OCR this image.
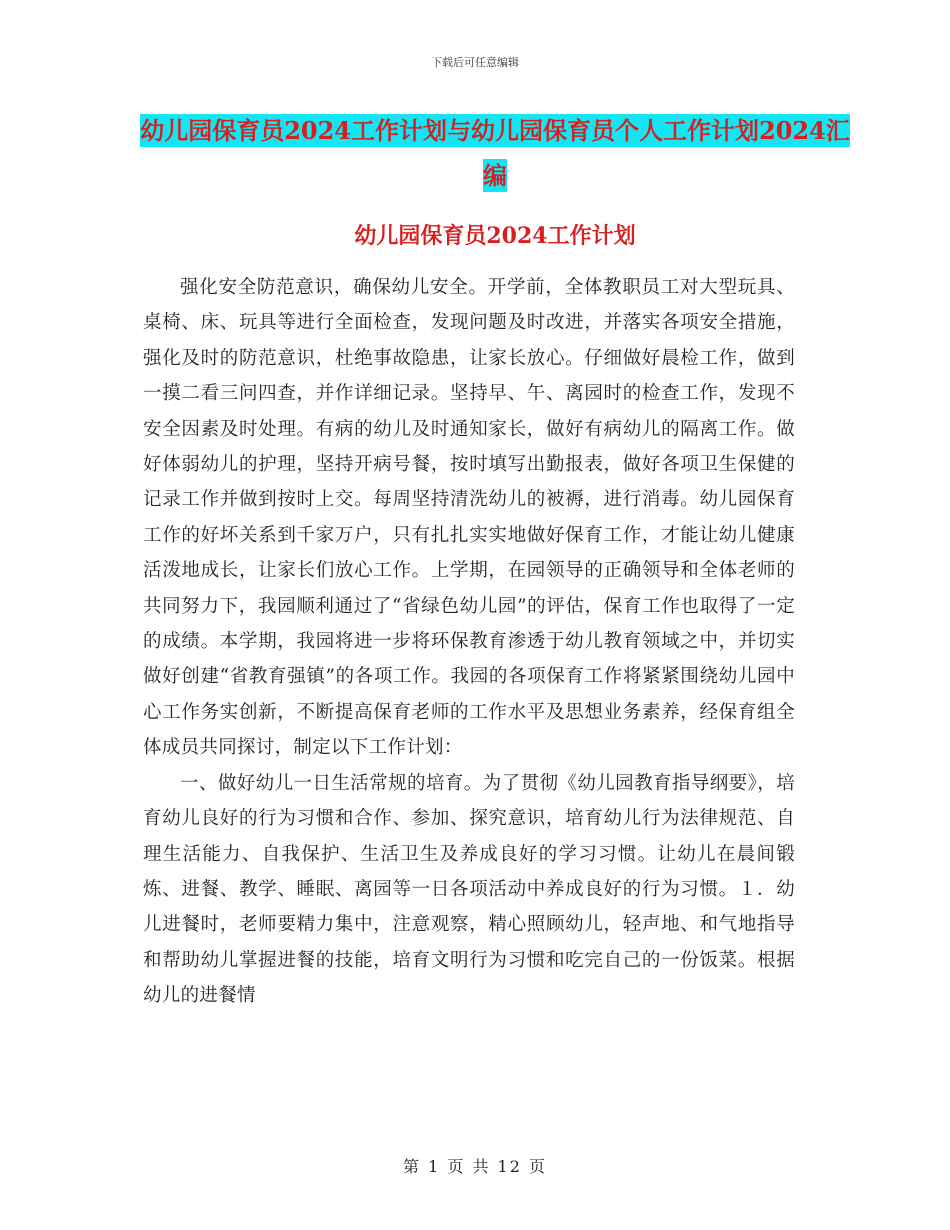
下载后可任意编辑
幼儿园保育员2024工作计划与幼儿园保育员个人工作计划2024汇编
幼儿园保育员2024工作计划

强化安全防范意识，确保幼儿安全。开学前，全体教职员工对大型玩具、桌椅、床、玩具等进行全面检查，发现问题及时改进，并落实各项安全措施，强化及时的防范意识，杜绝事故隐患，让家长放心。仔细做好晨检工作，做到一摸二看三问四查，并作详细记录。坚持早、午、离园时的检查工作，发现不安全因素及时处理。有病的幼儿及时通知家长，做好有病幼儿的隔离工作。做好体弱幼儿的护理，坚持开病号餐，按时填写出勤报表，做好各项卫生保健的记录工作并做到按时上交。每周坚持清洗幼儿的被褥，进行消毒。幼儿园保育工作的好坏关系到千家万户，只有扎扎实实地做好保育工作，才能让幼儿健康活泼地成长，让家长们放心工作。上学期，在园领导的正确领导和全体老师的共同努力下，我园顺利通过了“省绿色幼儿园”的评估，保育工作也取得了一定的成绩。本学期，我园将进一步将环保教育渗透于幼儿教育领域之中，并切实做好创建“省教育强镇”的各项工作。我园的各项保育工作将紧紧围绕幼儿园中心工作务实创新，不断提高保育老师的工作水平及思想业务素养，经保育组全体成员共同探讨，制定以下工作计划：

一、做好幼儿一日生活常规的培育。为了贯彻《幼儿园教育指导纲要》，培育幼儿良好的行为习惯和合作、参加、探究意识，培育幼儿行为法律规范、自理生活能力、自我保护、生活卫生及养成良好的学习习惯。让幼儿在晨间锻炼、进餐、教学、睡眠、离园等一日各项活动中养成良好的行为习惯。１．幼儿进餐时，老师要精力集中，注意观察，精心照顾幼儿，轻声地、和气地指导和帮助幼儿掌握进餐的技能，培育文明行为习惯和吃完自己的一份饭菜。根据幼儿的进餐情

第 1 页 共 12 页
